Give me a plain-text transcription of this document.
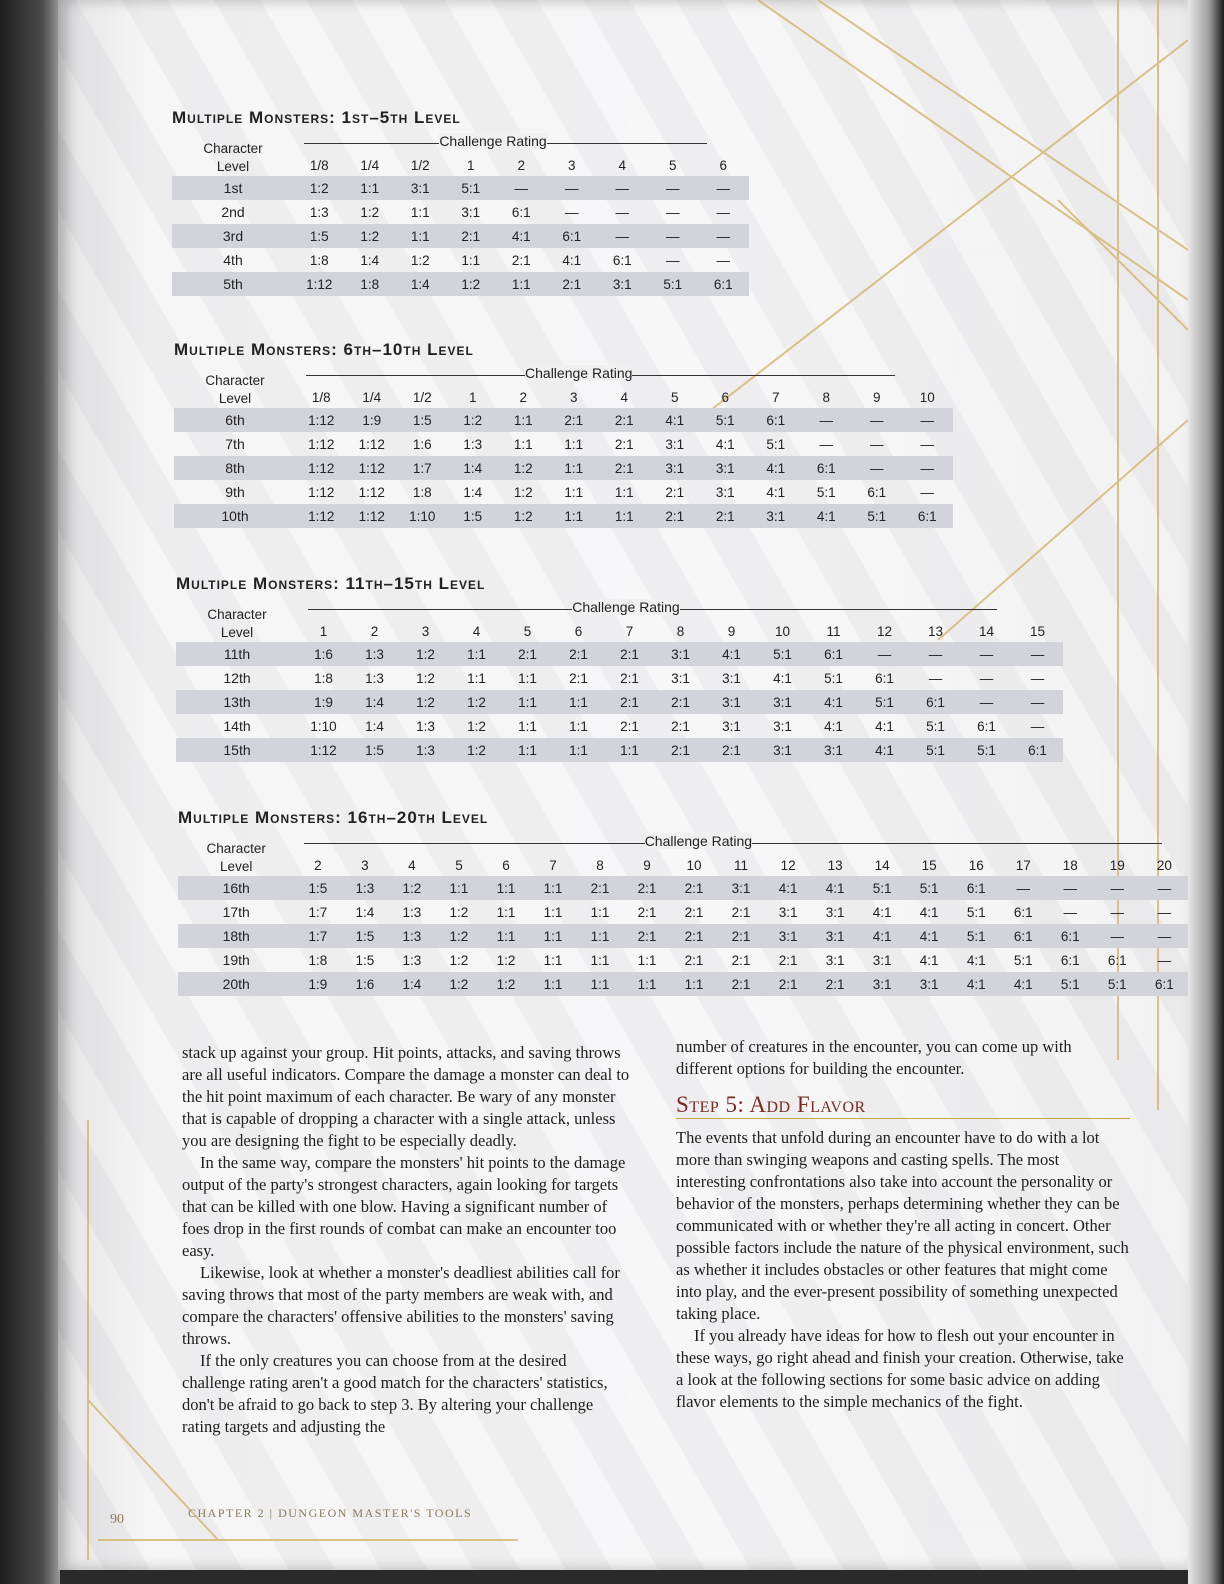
Multiple Monsters: 1st–5th Level
Character
Level	Challenge Rating								

	1/8	1/4	1/2	1	2	3	4	5	6
1st	1:2	1:1	3:1	5:1	—	—	—	—	—
2nd	1:3	1:2	1:1	3:1	6:1	—	—	—	—
3rd	1:5	1:2	1:1	2:1	4:1	6:1	—	—	—
4th	1:8	1:4	1:2	1:1	2:1	4:1	6:1	—	—
5th	1:12	1:8	1:4	1:2	1:1	2:1	3:1	5:1	6:1
Multiple Monsters: 6th–10th Level
Character
Level	Challenge Rating												

	1/8	1/4	1/2	1	2	3	4	5	6	7	8	9	10
6th	1:12	1:9	1:5	1:2	1:1	2:1	2:1	4:1	5:1	6:1	—	—	—
7th	1:12	1:12	1:6	1:3	1:1	1:1	2:1	3:1	4:1	5:1	—	—	—
8th	1:12	1:12	1:7	1:4	1:2	1:1	2:1	3:1	3:1	4:1	6:1	—	—
9th	1:12	1:12	1:8	1:4	1:2	1:1	1:1	2:1	3:1	4:1	5:1	6:1	—
10th	1:12	1:12	1:10	1:5	1:2	1:1	1:1	2:1	2:1	3:1	4:1	5:1	6:1
Multiple Monsters: 11th–15th Level
Character
Level	Challenge Rating														

	1	2	3	4	5	6	7	8	9	10	11	12	13	14	15
11th	1:6	1:3	1:2	1:1	2:1	2:1	2:1	3:1	4:1	5:1	6:1	—	—	—	—
12th	1:8	1:3	1:2	1:1	1:1	2:1	2:1	3:1	3:1	4:1	5:1	6:1	—	—	—
13th	1:9	1:4	1:2	1:2	1:1	1:1	2:1	2:1	3:1	3:1	4:1	5:1	6:1	—	—
14th	1:10	1:4	1:3	1:2	1:1	1:1	2:1	2:1	3:1	3:1	4:1	4:1	5:1	6:1	—
15th	1:12	1:5	1:3	1:2	1:1	1:1	1:1	2:1	2:1	3:1	3:1	4:1	5:1	5:1	6:1
Multiple Monsters: 16th–20th Level
Character
Level	Challenge Rating																		

	2	3	4	5	6	7	8	9	10	11	12	13	14	15	16	17	18	19	20
16th	1:5	1:3	1:2	1:1	1:1	1:1	2:1	2:1	2:1	3:1	4:1	4:1	5:1	5:1	6:1	—	—	—	—
17th	1:7	1:4	1:3	1:2	1:1	1:1	1:1	2:1	2:1	2:1	3:1	3:1	4:1	4:1	5:1	6:1	—	—	—
18th	1:7	1:5	1:3	1:2	1:1	1:1	1:1	2:1	2:1	2:1	3:1	3:1	4:1	4:1	5:1	6:1	6:1	—	—
19th	1:8	1:5	1:3	1:2	1:2	1:1	1:1	1:1	2:1	2:1	2:1	3:1	3:1	4:1	4:1	5:1	6:1	6:1	—
20th	1:9	1:6	1:4	1:2	1:2	1:1	1:1	1:1	1:1	2:1	2:1	2:1	3:1	3:1	4:1	4:1	5:1	5:1	6:1

stack up against your group. Hit points, attacks, and saving throws are all useful indicators. Compare the damage a monster can deal to the hit point maximum of each character. Be wary of any monster that is capable of dropping a character with a single attack, unless you are designing the fight to be especially deadly.

In the same way, compare the monsters' hit points to the damage output of the party's strongest characters, again looking for targets that can be killed with one blow. Having a significant number of foes drop in the first rounds of combat can make an encounter too easy.

Likewise, look at whether a monster's deadliest abilities call for saving throws that most of the party members are weak with, and compare the characters' offensive abilities to the monsters' saving throws.

If the only creatures you can choose from at the desired challenge rating aren't a good match for the characters' statistics, don't be afraid to go back to step 3. By altering your challenge rating targets and adjusting the

number of creatures in the encounter, you can come up with different options for building the encounter.

Step 5: Add Flavor

The events that unfold during an encounter have to do with a lot more than swinging weapons and casting spells. The most interesting confrontations also take into account the personality or behavior of the monsters, perhaps determining whether they can be communicated with or whether they're all acting in concert. Other possible factors include the nature of the physical environment, such as whether it includes obstacles or other features that might come into play, and the ever-present possibility of something unexpected taking place.

If you already have ideas for how to flesh out your encounter in these ways, go right ahead and finish your creation. Otherwise, take a look at the following sections for some basic advice on adding flavor elements to the simple mechanics of the fight.

90	CHAPTER 2 | DUNGEON MASTER'S TOOLS
